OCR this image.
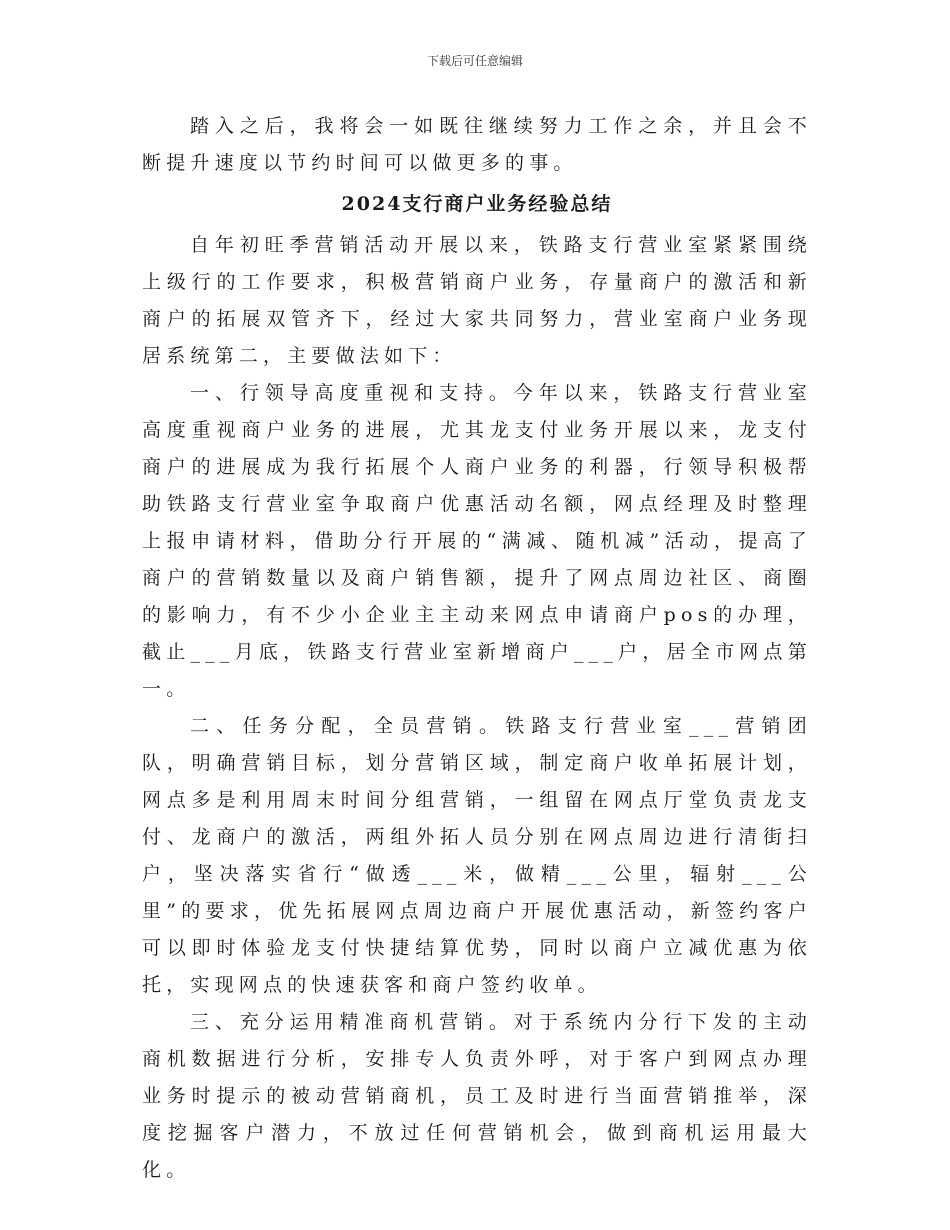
下载后可任意编辑

踏入之后，我将会一如既往继续努力工作之余，并且会不断提升速度以节约时间可以做更多的事。

2024支行商户业务经验总结

自年初旺季营销活动开展以来，铁路支行营业室紧紧围绕上级行的工作要求，积极营销商户业务，存量商户的激活和新商户的拓展双管齐下，经过大家共同努力，营业室商户业务现居系统第二，主要做法如下：

一、行领导高度重视和支持。今年以来，铁路支行营业室高度重视商户业务的进展，尤其龙支付业务开展以来，龙支付商户的进展成为我行拓展个人商户业务的利器，行领导积极帮助铁路支行营业室争取商户优惠活动名额，网点经理及时整理上报申请材料，借助分行开展的“满减、随机减”活动，提高了商户的营销数量以及商户销售额，提升了网点周边社区、商圈的影响力，有不少小企业主主动来网点申请商户pos的办理，截止___月底，铁路支行营业室新增商户___户，居全市网点第一。

二、任务分配，全员营销。铁路支行营业室___营销团队，明确营销目标，划分营销区域，制定商户收单拓展计划，网点多是利用周末时间分组营销，一组留在网点厅堂负责龙支付、龙商户的激活，两组外拓人员分别在网点周边进行清街扫户，坚决落实省行“做透___米，做精___公里，辐射___公里”的要求，优先拓展网点周边商户开展优惠活动，新签约客户可以即时体验龙支付快捷结算优势，同时以商户立减优惠为依托，实现网点的快速获客和商户签约收单。

三、充分运用精准商机营销。对于系统内分行下发的主动商机数据进行分析，安排专人负责外呼，对于客户到网点办理业务时提示的被动营销商机，员工及时进行当面营销推举，深度挖掘客户潜力，不放过任何营销机会，做到商机运用最大化。
